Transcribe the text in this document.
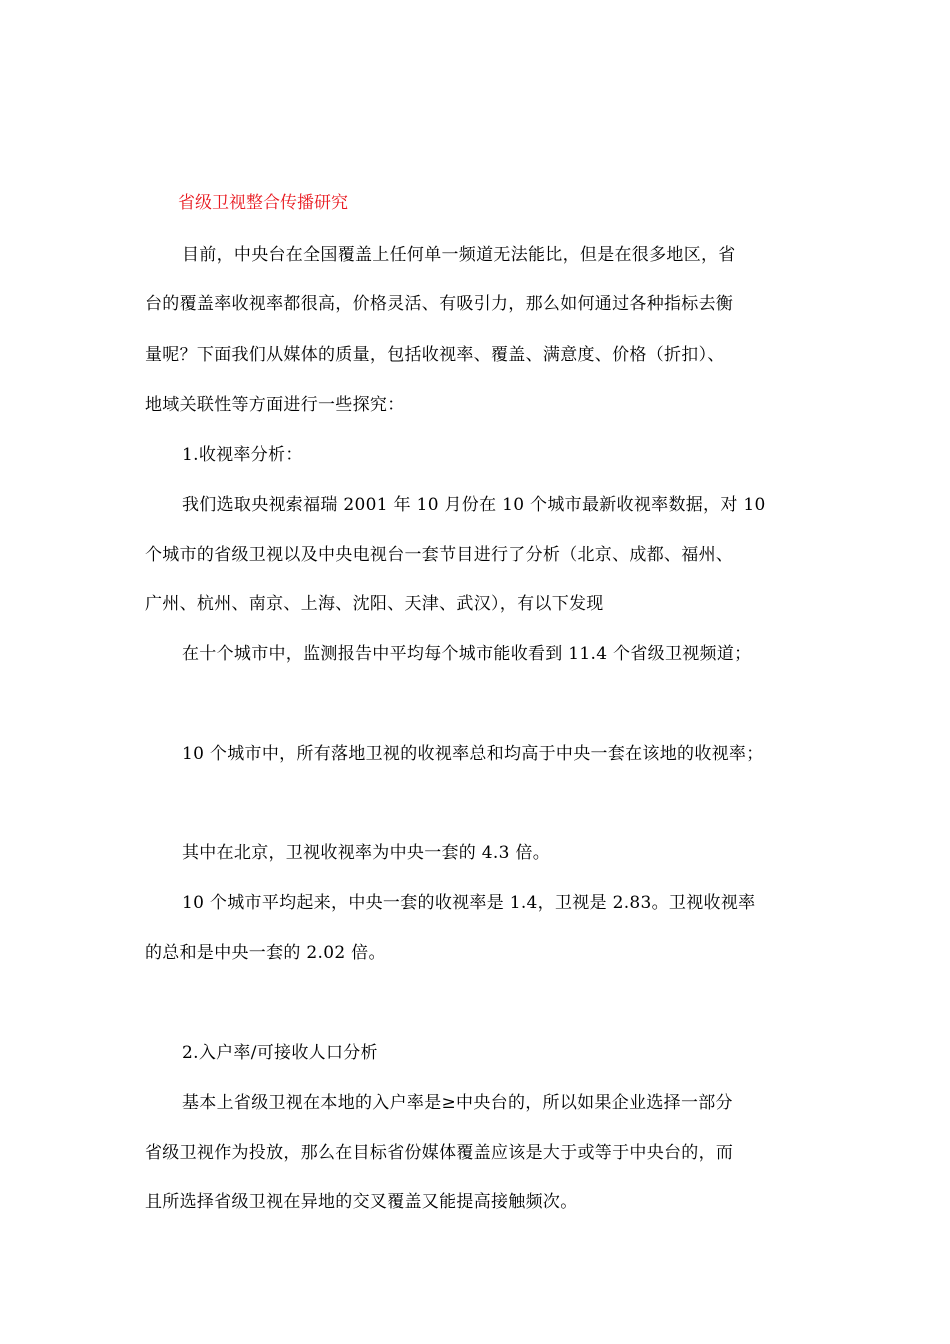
省级卫视整合传播研究
目前，中央台在全国覆盖上任何单一频道无法能比，但是在很多地区，省
台的覆盖率收视率都很高，价格灵活、有吸引力，那么如何通过各种指标去衡
量呢？下面我们从媒体的质量，包括收视率、覆盖、满意度、价格（折扣）、
地域关联性等方面进行一些探究：
1.收视率分析：
我们选取央视索福瑞 2001 年 10 月份在 10 个城市最新收视率数据，对 10
个城市的省级卫视以及中央电视台一套节目进行了分析（北京、成都、福州、
广州、杭州、南京、上海、沈阳、天津、武汉），有以下发现
在十个城市中，监测报告中平均每个城市能收看到 11.4 个省级卫视频道；
10 个城市中，所有落地卫视的收视率总和均高于中央一套在该地的收视率；
其中在北京，卫视收视率为中央一套的 4.3 倍。
10 个城市平均起来，中央一套的收视率是 1.4，卫视是 2.83。卫视收视率
的总和是中央一套的 2.02 倍。
2.入户率/可接收人口分析
基本上省级卫视在本地的入户率是≥中央台的，所以如果企业选择一部分
省级卫视作为投放，那么在目标省份媒体覆盖应该是大于或等于中央台的，而
且所选择省级卫视在异地的交叉覆盖又能提高接触频次。
